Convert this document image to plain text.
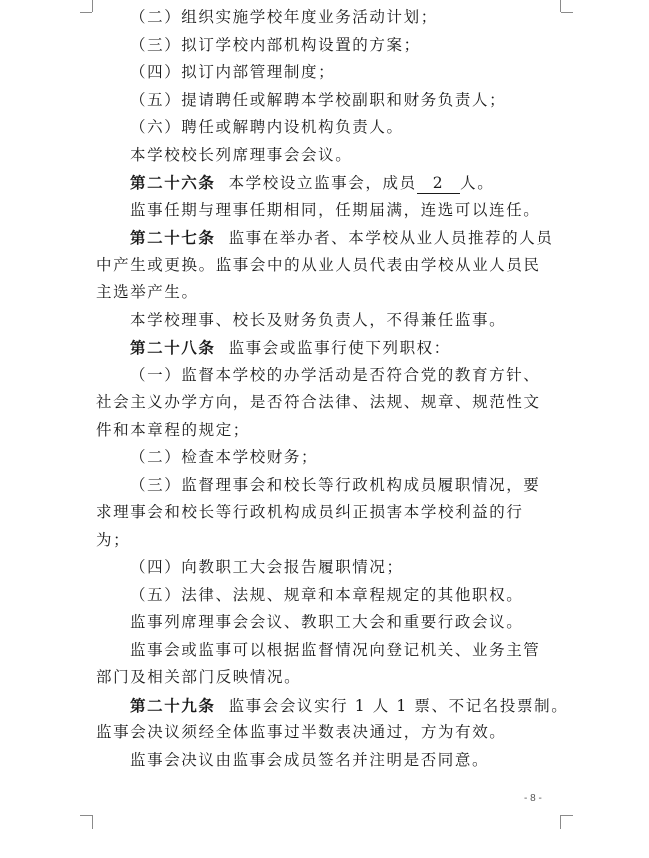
（二）组织实施学校年度业务活动计划；
（三）拟订学校内部机构设置的方案；
（四）拟订内部管理制度；
（五）提请聘任或解聘本学校副职和财务负责人；
（六）聘任或解聘内设机构负责人。
本学校校长列席理事会会议。
第二十六条 本学校设立监事会，成员 2 人。
监事任期与理事任期相同，任期届满，连选可以连任。
第二十七条 监事在举办者、本学校从业人员推荐的人员
中产生或更换。监事会中的从业人员代表由学校从业人员民
主选举产生。
本学校理事、校长及财务负责人，不得兼任监事。
第二十八条 监事会或监事行使下列职权：
（一）监督本学校的办学活动是否符合党的教育方针、
社会主义办学方向，是否符合法律、法规、规章、规范性文
件和本章程的规定；
（二）检查本学校财务；
（三）监督理事会和校长等行政机构成员履职情况，要
求理事会和校长等行政机构成员纠正损害本学校利益的行
为；
（四）向教职工大会报告履职情况；
（五）法律、法规、规章和本章程规定的其他职权。
监事列席理事会会议、教职工大会和重要行政会议。
监事会或监事可以根据监督情况向登记机关、业务主管
部门及相关部门反映情况。
第二十九条 监事会会议实行 1 人 1 票、不记名投票制。
监事会决议须经全体监事过半数表决通过，方为有效。
监事会决议由监事会成员签名并注明是否同意。
- 8 -
